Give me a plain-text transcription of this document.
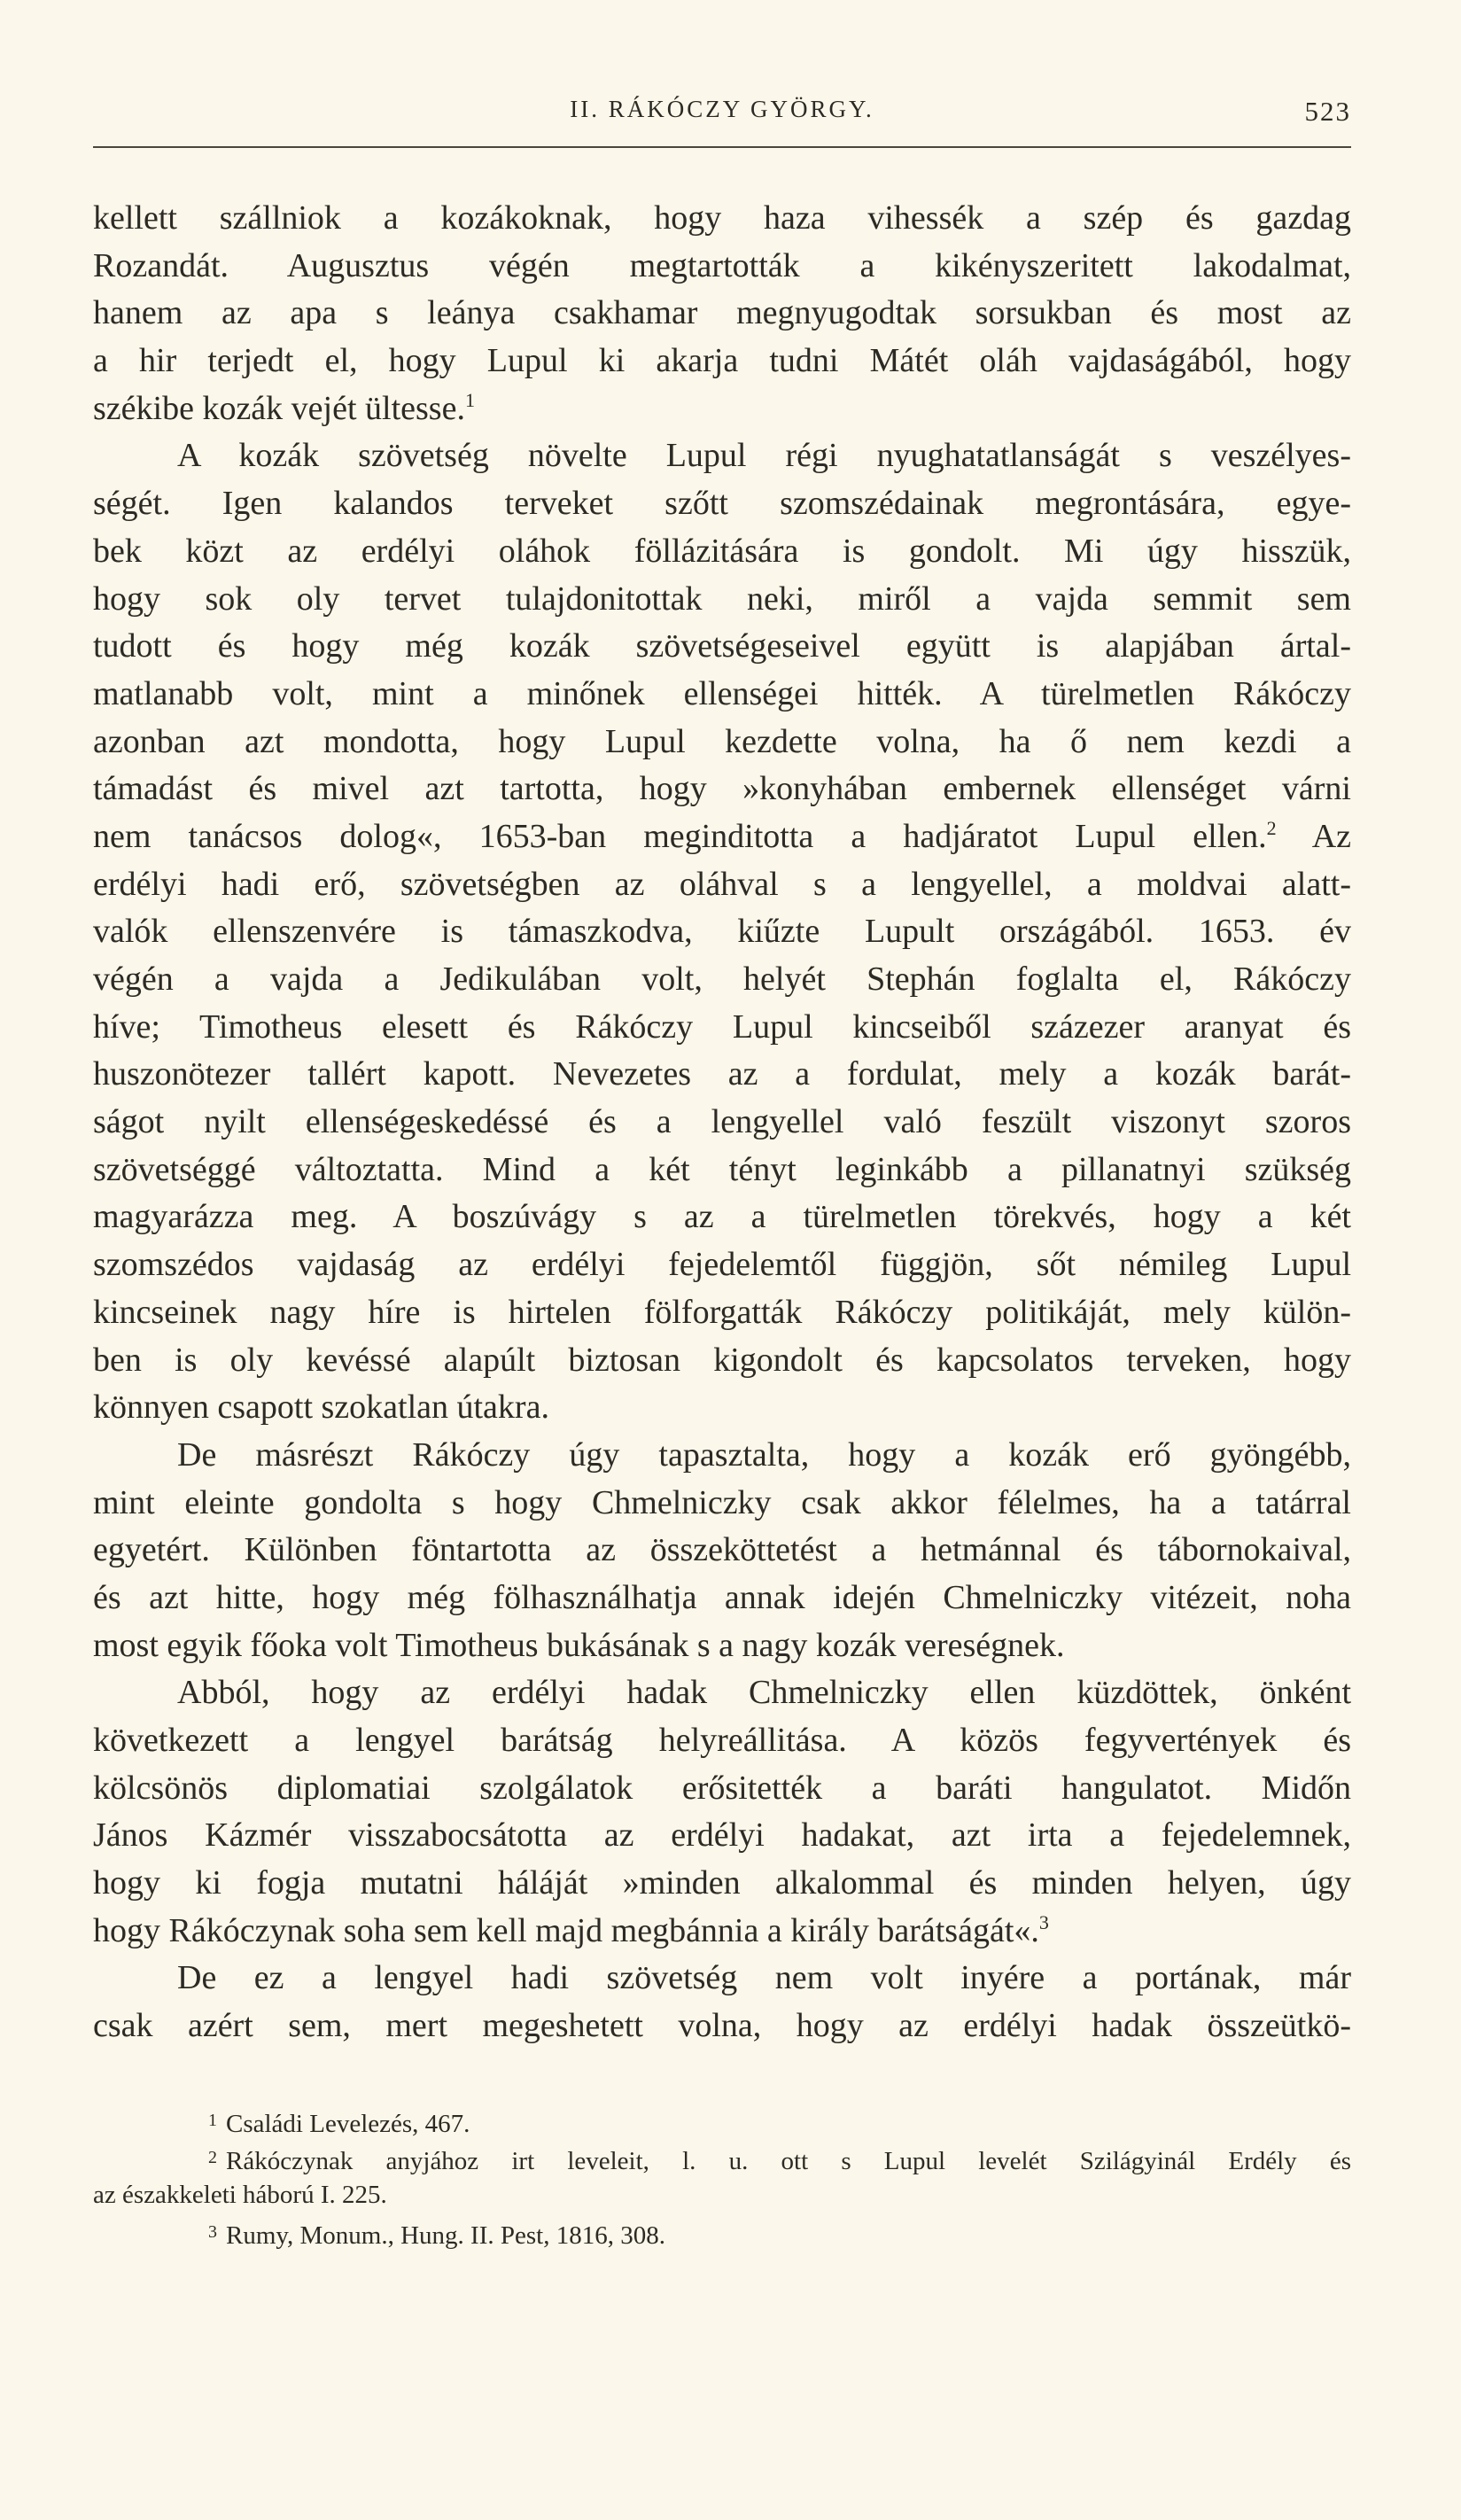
II. RÁKÓCZY GYÖRGY.	523
kellett szállniok a kozákoknak, hogy haza vihessék a szép és gazdag
Rozandát. Augusztus végén megtartották a kikényszeritett lakodalmat,
hanem az apa s leánya csakhamar megnyugodtak sorsukban és most az
a hir terjedt el, hogy Lupul ki akarja tudni Mátét oláh vajdaságából, hogy
székibe kozák vejét ültesse.$^1$
A kozák szövetség növelte Lupul régi nyughatatlanságát s veszélyes-
ségét. Igen kalandos terveket szőtt szomszédainak megrontására, egye-
bek közt az erdélyi oláhok föllázitására is gondolt. Mi úgy hisszük,
hogy sok oly tervet tulajdonitottak neki, miről a vajda semmit sem
tudott és hogy még kozák szövetségeseivel együtt is alapjában ártal-
matlanabb volt, mint a minőnek ellenségei hitték. A türelmetlen Rákóczy
azonban azt mondotta, hogy Lupul kezdette volna, ha ő nem kezdi a
támadást és mivel azt tartotta, hogy »konyhában embernek ellenséget várni
nem tanácsos dolog«, 1653-ban meginditotta a hadjáratot Lupul ellen.$^2$ Az
erdélyi hadi erő, szövetségben az oláhval s a lengyellel, a moldvai alatt-
valók ellenszenvére is támaszkodva, kiűzte Lupult országából. 1653. év
végén a vajda a Jedikulában volt, helyét Stephán foglalta el, Rákóczy
híve; Timotheus elesett és Rákóczy Lupul kincseiből százezer aranyat és
huszonötezer tallért kapott. Nevezetes az a fordulat, mely a kozák barát-
ságot nyilt ellenségeskedéssé és a lengyellel való feszült viszonyt szoros
szövetséggé változtatta. Mind a két tényt leginkább a pillanatnyi szükség
magyarázza meg. A boszúvágy s az a türelmetlen törekvés, hogy a két
szomszédos vajdaság az erdélyi fejedelemtől függjön, sőt némileg Lupul
kincseinek nagy híre is hirtelen fölforgatták Rákóczy politikáját, mely külön-
ben is oly kevéssé alapúlt biztosan kigondolt és kapcsolatos terveken, hogy
könnyen csapott szokatlan útakra.
De másrészt Rákóczy úgy tapasztalta, hogy a kozák erő gyöngébb,
mint eleinte gondolta s hogy Chmelniczky csak akkor félelmes, ha a tatárral
egyetért. Különben föntartotta az összeköttetést a hetmánnal és tábornokaival,
és azt hitte, hogy még fölhasználhatja annak idején Chmelniczky vitézeit, noha
most egyik főoka volt Timotheus bukásának s a nagy kozák vereségnek.
Abból, hogy az erdélyi hadak Chmelniczky ellen küzdöttek, önként
következett a lengyel barátság helyreállitása. A közös fegyvertények és
kölcsönös diplomatiai szolgálatok erősitették a baráti hangulatot. Midőn
János Kázmér visszabocsátotta az erdélyi hadakat, azt irta a fejedelemnek,
hogy ki fogja mutatni háláját »minden alkalommal és minden helyen, úgy
hogy Rákóczynak soha sem kell majd megbánnia a király barátságát«.$^3$
De ez a lengyel hadi szövetség nem volt inyére a portának, már
csak azért sem, mert megeshetett volna, hogy az erdélyi hadak összeütkö-
$^1$ Családi Levelezés, 467.
$^2$ Rákóczynak anyjához irt leveleit, l. u. ott s Lupul levelét Szilágyinál Erdély és
az északkeleti háború I. 225.
$^3$ Rumy, Monum., Hung. II. Pest, 1816, 308.
